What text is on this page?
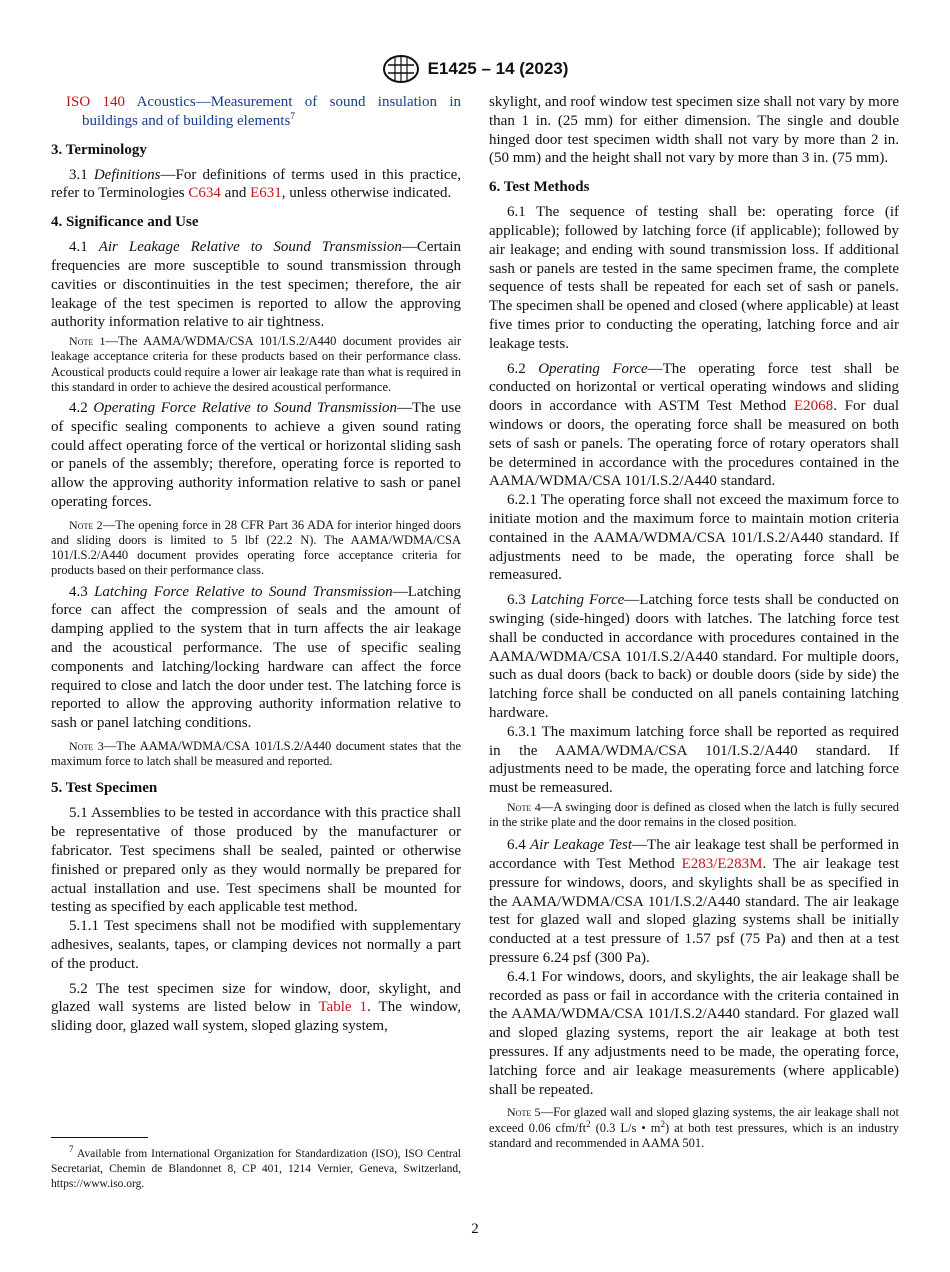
E1425 – 14 (2023)

ISO 140 Acoustics—Measurement of sound insulation in buildings and of building elements$^7$

3. Terminology

3.1 Definitions—For definitions of terms used in this practice, refer to Terminologies C634 and E631, unless otherwise indicated.

4. Significance and Use

4.1 Air Leakage Relative to Sound Transmission—Certain frequencies are more susceptible to sound transmission through cavities or discontinuities in the test specimen; therefore, the air leakage of the test specimen is reported to allow the approving authority information relative to air tightness.

Note 1—The AAMA/WDMA/CSA 101/I.S.2/A440 document provides air leakage acceptance criteria for these products based on their performance class. Acoustical products could require a lower air leakage rate than what is required in this standard in order to achieve the desired acoustical performance.

4.2 Operating Force Relative to Sound Transmission—The use of specific sealing components to achieve a given sound rating could affect operating force of the vertical or horizontal sliding sash or panels of the assembly; therefore, operating force is reported to allow the approving authority information relative to sash or panel operating forces.

Note 2—The opening force in 28 CFR Part 36 ADA for interior hinged doors and sliding doors is limited to 5 lbf (22.2 N). The AAMA/WDMA/CSA 101/I.S.2/A440 document provides operating force acceptance criteria for products based on their performance class.

4.3 Latching Force Relative to Sound Transmission—Latching force can affect the compression of seals and the amount of damping applied to the system that in turn affects the air leakage and the acoustical performance. The use of specific sealing components and latching/locking hardware can affect the force required to close and latch the door under test. The latching force is reported to allow the approving authority information relative to sash or panel latching conditions.

Note 3—The AAMA/WDMA/CSA 101/I.S.2/A440 document states that the maximum force to latch shall be measured and reported.
5. Test Specimen

5.1 Assemblies to be tested in accordance with this practice shall be representative of those produced by the manufacturer or fabricator. Test specimens shall be sealed, painted or otherwise finished or prepared only as they would normally be prepared for actual installation and use. Test specimens shall be mounted for testing as specified by each applicable test method.

5.1.1 Test specimens shall not be modified with supplementary adhesives, sealants, tapes, or clamping devices not normally a part of the product.

5.2 The test specimen size for window, door, skylight, and glazed wall systems are listed below in Table 1. The window, sliding door, glazed wall system, sloped glazing system,

$^7$ Available from International Organization for Standardization (ISO), ISO Central Secretariat, Chemin de Blandonnet 8, CP 401, 1214 Vernier, Geneva, Switzerland, https://www.iso.org.

skylight, and roof window test specimen size shall not vary by more than 1 in. (25 mm) for either dimension. The single and double hinged door test specimen width shall not vary by more than 2 in. (50 mm) and the height shall not vary by more than 3 in. (75 mm).

6. Test Methods

6.1 The sequence of testing shall be: operating force (if applicable); followed by latching force (if applicable); followed by air leakage; and ending with sound transmission loss. If additional sash or panels are tested in the same specimen frame, the complete sequence of tests shall be repeated for each set of sash or panels. The specimen shall be opened and closed (where applicable) at least five times prior to conducting the operating, latching force and air leakage tests.

6.2 Operating Force—The operating force test shall be conducted on horizontal or vertical operating windows and sliding doors in accordance with ASTM Test Method E2068. For dual windows or doors, the operating force shall be measured on both sets of sash or panels. The operating force of rotary operators shall be determined in accordance with the procedures contained in the AAMA/WDMA/CSA 101/I.S.2/A440 standard.

6.2.1 The operating force shall not exceed the maximum force to initiate motion and the maximum force to maintain motion criteria contained in the AAMA/WDMA/CSA 101/I.S.2/A440 standard. If adjustments need to be made, the operating force shall be remeasured.

6.3 Latching Force—Latching force tests shall be conducted on swinging (side-hinged) doors with latches. The latching force test shall be conducted in accordance with procedures contained in the AAMA/WDMA/CSA 101/I.S.2/A440 standard. For multiple doors, such as dual doors (back to back) or double doors (side by side) the latching force shall be conducted on all panels containing latching hardware.

6.3.1 The maximum latching force shall be reported as required in the AAMA/WDMA/CSA 101/I.S.2/A440 standard. If adjustments need to be made, the operating force and latching force must be remeasured.

Note 4—A swinging door is defined as closed when the latch is fully secured in the strike plate and the door remains in the closed position.

6.4 Air Leakage Test—The air leakage test shall be performed in accordance with Test Method E283/E283M. The air leakage test pressure for windows, doors, and skylights shall be as specified in the AAMA/WDMA/CSA 101/I.S.2/A440 standard. The air leakage test for glazed wall and sloped glazing systems shall be initially conducted at a test pressure of 1.57 psf (75 Pa) and then at a test pressure 6.24 psf (300 Pa).

6.4.1 For windows, doors, and skylights, the air leakage shall be recorded as pass or fail in accordance with the criteria contained in the AAMA/WDMA/CSA 101/I.S.2/A440 standard. For glazed wall and sloped glazing systems, report the air leakage at both test pressures. If any adjustments need to be made, the operating force, latching force and air leakage measurements (where applicable) shall be repeated.

Note 5—For glazed wall and sloped glazing systems, the air leakage shall not exceed 0.06 cfm/$ft^2$ (0.3 L/s • $m^2$) at both test pressures, which is an industry standard and recommended in AAMA 501.
2
